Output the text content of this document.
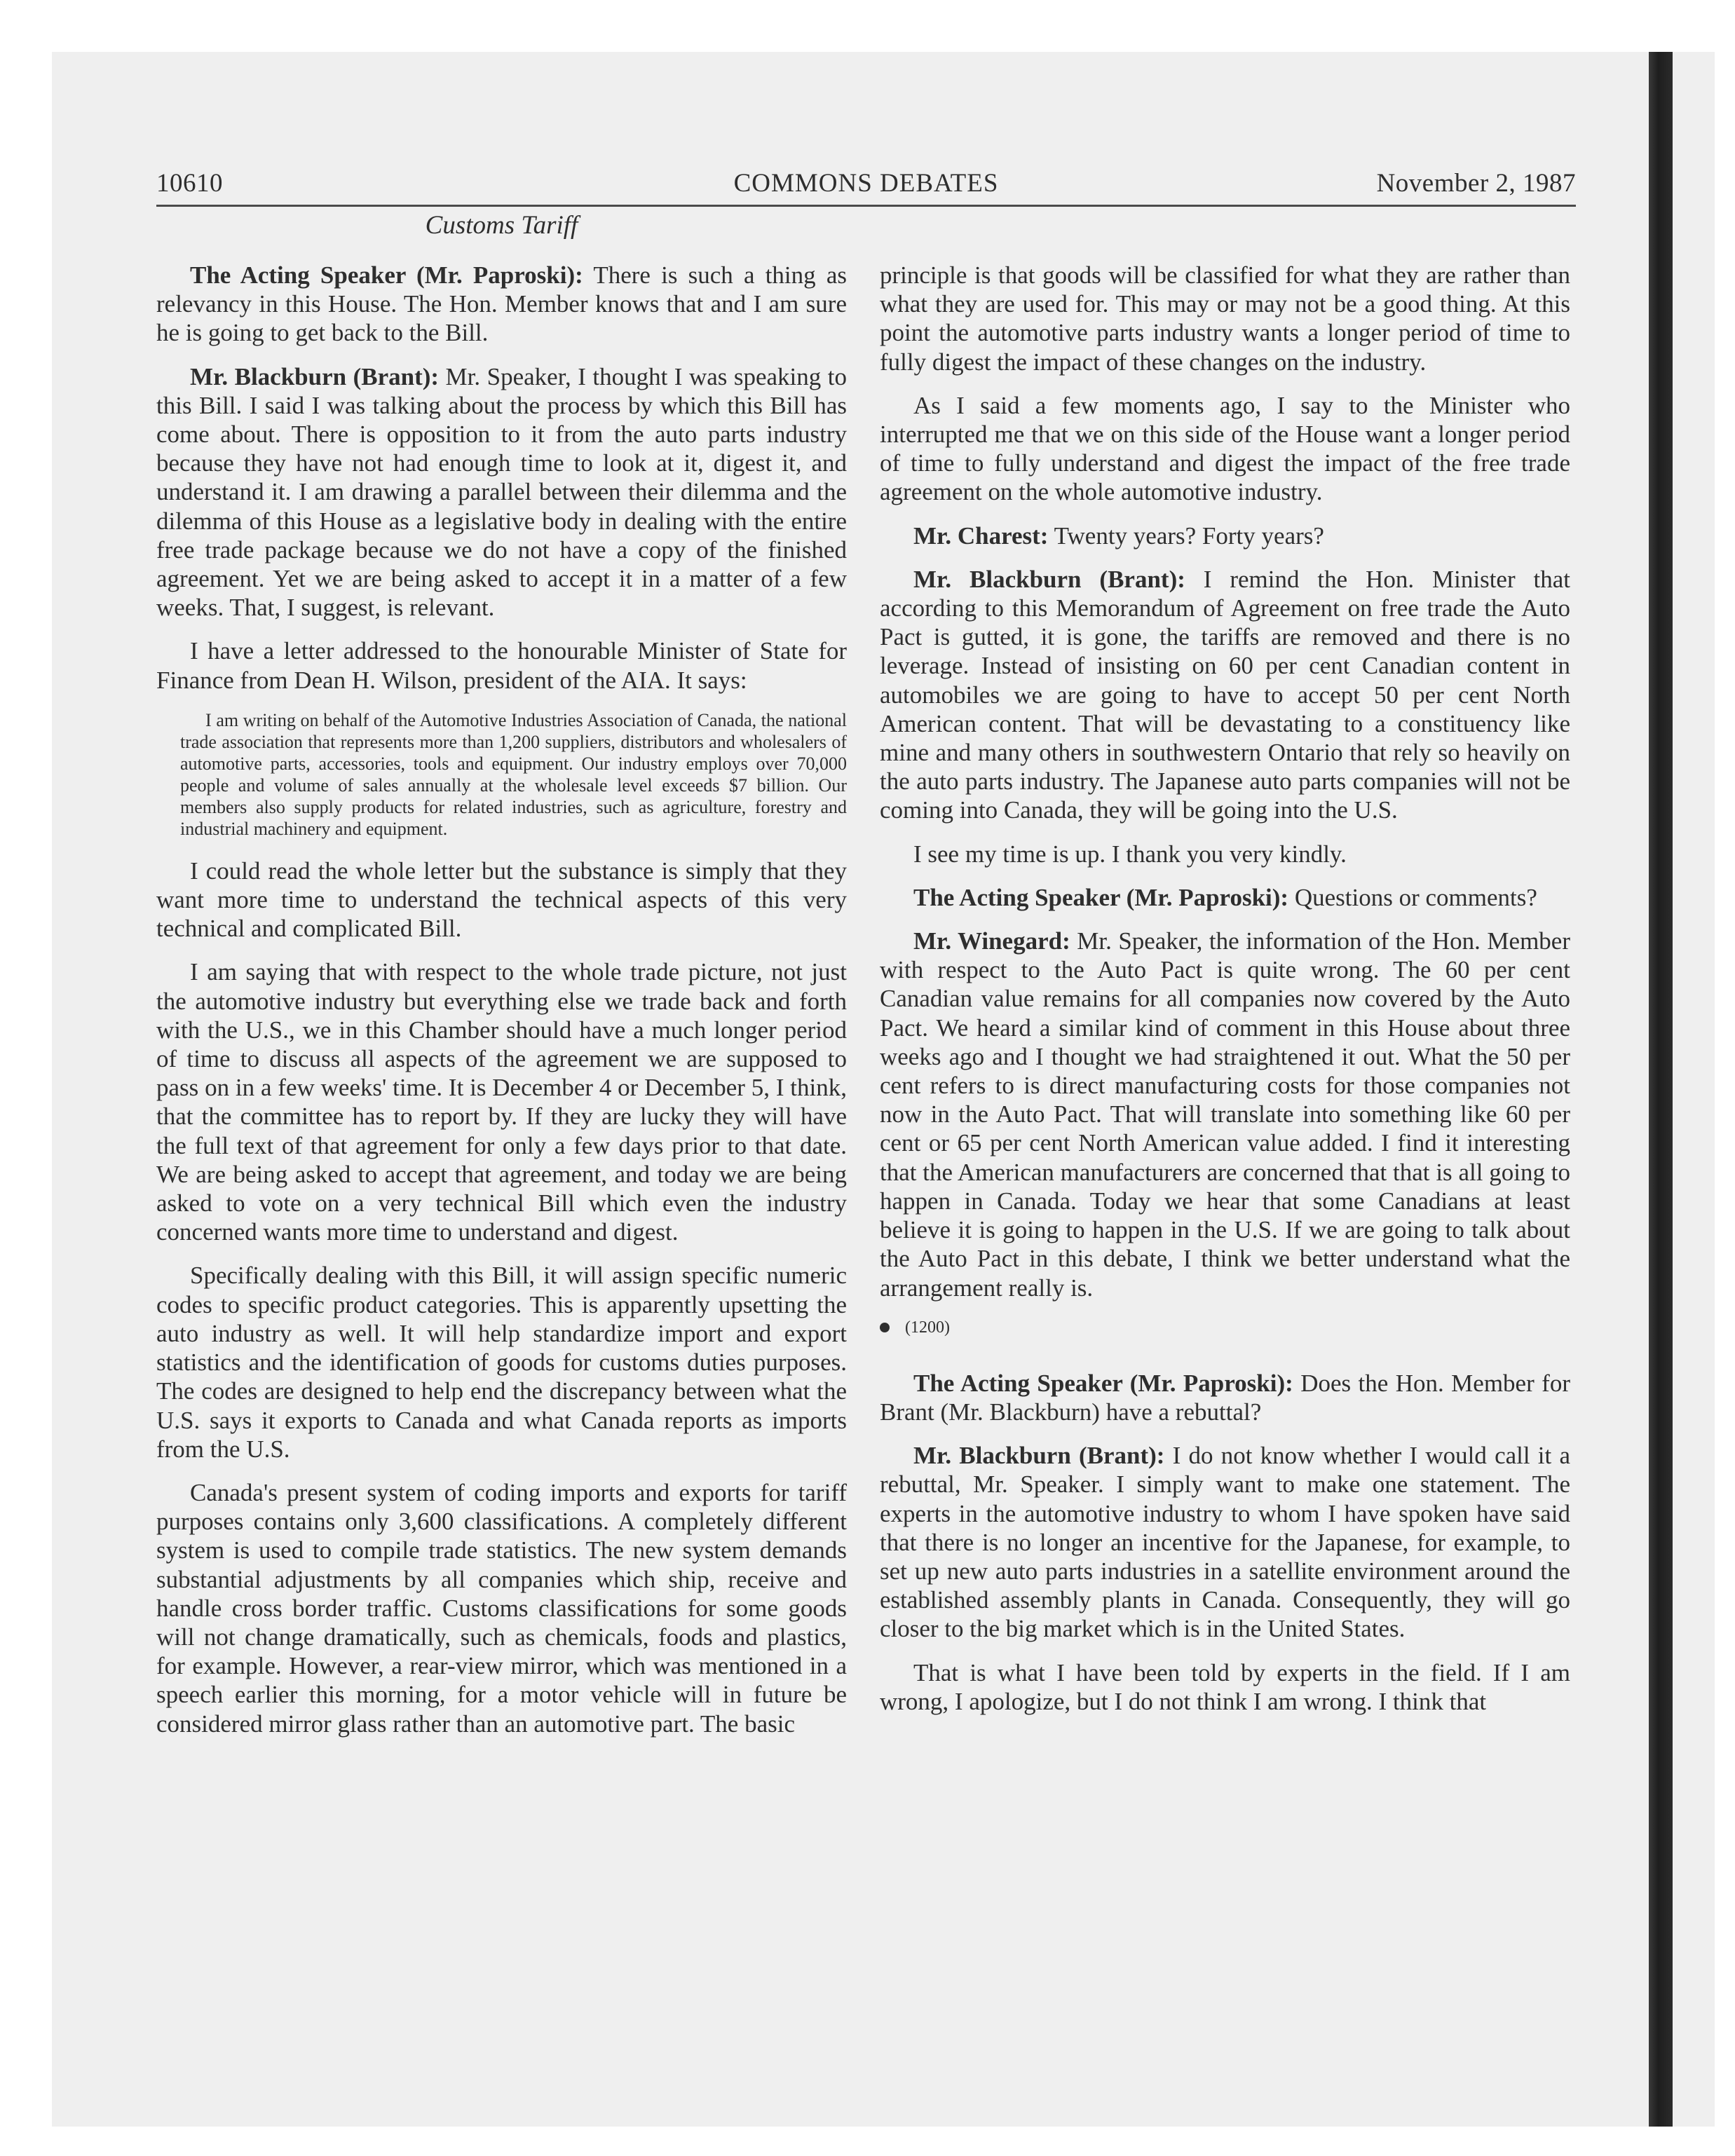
10610	COMMONS DEBATES	November 2, 1987
Customs Tariff

The Acting Speaker (Mr. Paproski): There is such a thing as relevancy in this House. The Hon. Member knows that and I am sure he is going to get back to the Bill.

Mr. Blackburn (Brant): Mr. Speaker, I thought I was speaking to this Bill. I said I was talking about the process by which this Bill has come about. There is opposition to it from the auto parts industry because they have not had enough time to look at it, digest it, and understand it. I am drawing a parallel between their dilemma and the dilemma of this House as a legislative body in dealing with the entire free trade package because we do not have a copy of the finished agreement. Yet we are being asked to accept it in a matter of a few weeks. That, I suggest, is relevant.

I have a letter addressed to the honourable Minister of State for Finance from Dean H. Wilson, president of the AIA. It says:

I am writing on behalf of the Automotive Industries Association of Canada, the national trade association that represents more than 1,200 suppliers, distributors and wholesalers of automotive parts, accessories, tools and equipment. Our industry employs over 70,000 people and volume of sales annually at the wholesale level exceeds $7 billion. Our members also supply products for related industries, such as agriculture, forestry and industrial machinery and equipment.

I could read the whole letter but the substance is simply that they want more time to understand the technical aspects of this very technical and complicated Bill.

I am saying that with respect to the whole trade picture, not just the automotive industry but everything else we trade back and forth with the U.S., we in this Chamber should have a much longer period of time to discuss all aspects of the agreement we are supposed to pass on in a few weeks' time. It is December 4 or December 5, I think, that the committee has to report by. If they are lucky they will have the full text of that agreement for only a few days prior to that date. We are being asked to accept that agreement, and today we are being asked to vote on a very technical Bill which even the industry concerned wants more time to understand and digest.

Specifically dealing with this Bill, it will assign specific numeric codes to specific product categories. This is apparently upsetting the auto industry as well. It will help standardize import and export statistics and the identification of goods for customs duties purposes. The codes are designed to help end the discrepancy between what the U.S. says it exports to Canada and what Canada reports as imports from the U.S.

Canada's present system of coding imports and exports for tariff purposes contains only 3,600 classifications. A completely different system is used to compile trade statistics. The new system demands substantial adjustments by all companies which ship, receive and handle cross border traffic. Customs classifications for some goods will not change dramatically, such as chemicals, foods and plastics, for example. However, a rear-view mirror, which was mentioned in a speech earlier this morning, for a motor vehicle will in future be considered mirror glass rather than an automotive part. The basic

principle is that goods will be classified for what they are rather than what they are used for. This may or may not be a good thing. At this point the automotive parts industry wants a longer period of time to fully digest the impact of these changes on the industry.

As I said a few moments ago, I say to the Minister who interrupted me that we on this side of the House want a longer period of time to fully understand and digest the impact of the free trade agreement on the whole automotive industry.

Mr. Charest: Twenty years? Forty years?

Mr. Blackburn (Brant): I remind the Hon. Minister that according to this Memorandum of Agreement on free trade the Auto Pact is gutted, it is gone, the tariffs are removed and there is no leverage. Instead of insisting on 60 per cent Canadian content in automobiles we are going to have to accept 50 per cent North American content. That will be devastating to a constituency like mine and many others in southwestern Ontario that rely so heavily on the auto parts industry. The Japanese auto parts companies will not be coming into Canada, they will be going into the U.S.

I see my time is up. I thank you very kindly.

The Acting Speaker (Mr. Paproski): Questions or comments?

Mr. Winegard: Mr. Speaker, the information of the Hon. Member with respect to the Auto Pact is quite wrong. The 60 per cent Canadian value remains for all companies now covered by the Auto Pact. We heard a similar kind of comment in this House about three weeks ago and I thought we had straightened it out. What the 50 per cent refers to is direct manufacturing costs for those companies not now in the Auto Pact. That will translate into something like 60 per cent or 65 per cent North American value added. I find it interesting that the American manufacturers are concerned that that is all going to happen in Canada. Today we hear that some Canadians at least believe it is going to happen in the U.S. If we are going to talk about the Auto Pact in this debate, I think we better understand what the arrangement really is.

(1200)

The Acting Speaker (Mr. Paproski): Does the Hon. Member for Brant (Mr. Blackburn) have a rebuttal?

Mr. Blackburn (Brant): I do not know whether I would call it a rebuttal, Mr. Speaker. I simply want to make one statement. The experts in the automotive industry to whom I have spoken have said that there is no longer an incentive for the Japanese, for example, to set up new auto parts industries in a satellite environment around the established assembly plants in Canada. Consequently, they will go closer to the big market which is in the United States.

That is what I have been told by experts in the field. If I am wrong, I apologize, but I do not think I am wrong. I think that
